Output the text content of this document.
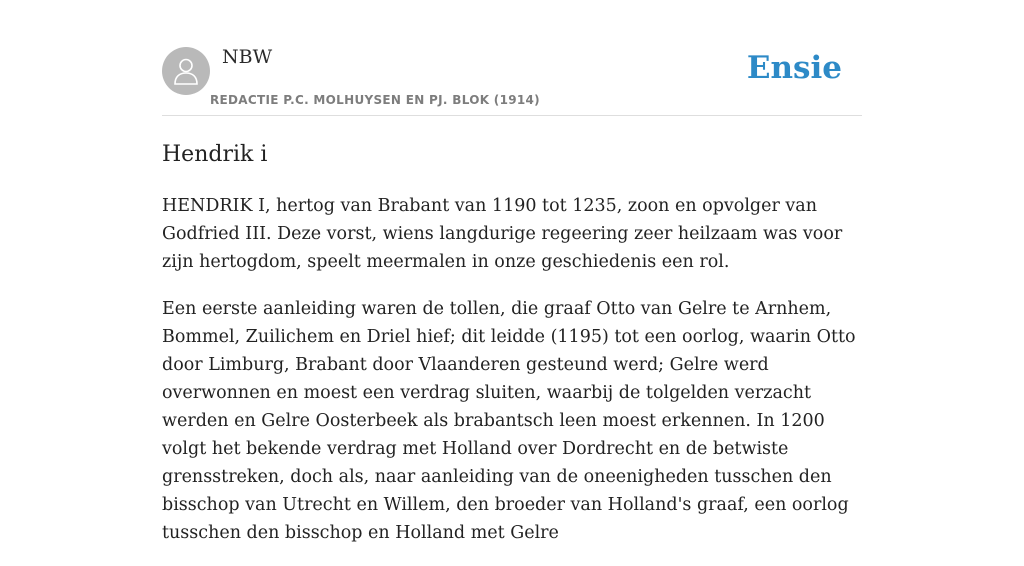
NBW
REDACTIE P.C. MOLHUYSEN EN PJ. BLOK (1914)
Ensie
Hendrik i

HENDRIK I, hertog van Brabant van 1190 tot 1235, zoon en opvolger van Godfried III. Deze vorst, wiens langdurige regeering zeer heilzaam was voor zijn hertogdom, speelt meermalen in onze geschiedenis een rol.

Een eerste aanleiding waren de tollen, die graaf Otto van Gelre te Arnhem, Bommel, Zuilichem en Driel hief; dit leidde (1195) tot een oorlog, waarin Otto door Limburg, Brabant door Vlaanderen gesteund werd; Gelre werd overwonnen en moest een verdrag sluiten, waarbij de tolgelden verzacht werden en Gelre Oosterbeek als brabantsch leen moest erkennen. In 1200 volgt het bekende verdrag met Holland over Dordrecht en de betwiste grensstreken, doch als, naar aanleiding van de oneenigheden tusschen den bisschop van Utrecht en Willem, den broeder van Holland's graaf, een oorlog tusschen den bisschop en Holland met Gelre
